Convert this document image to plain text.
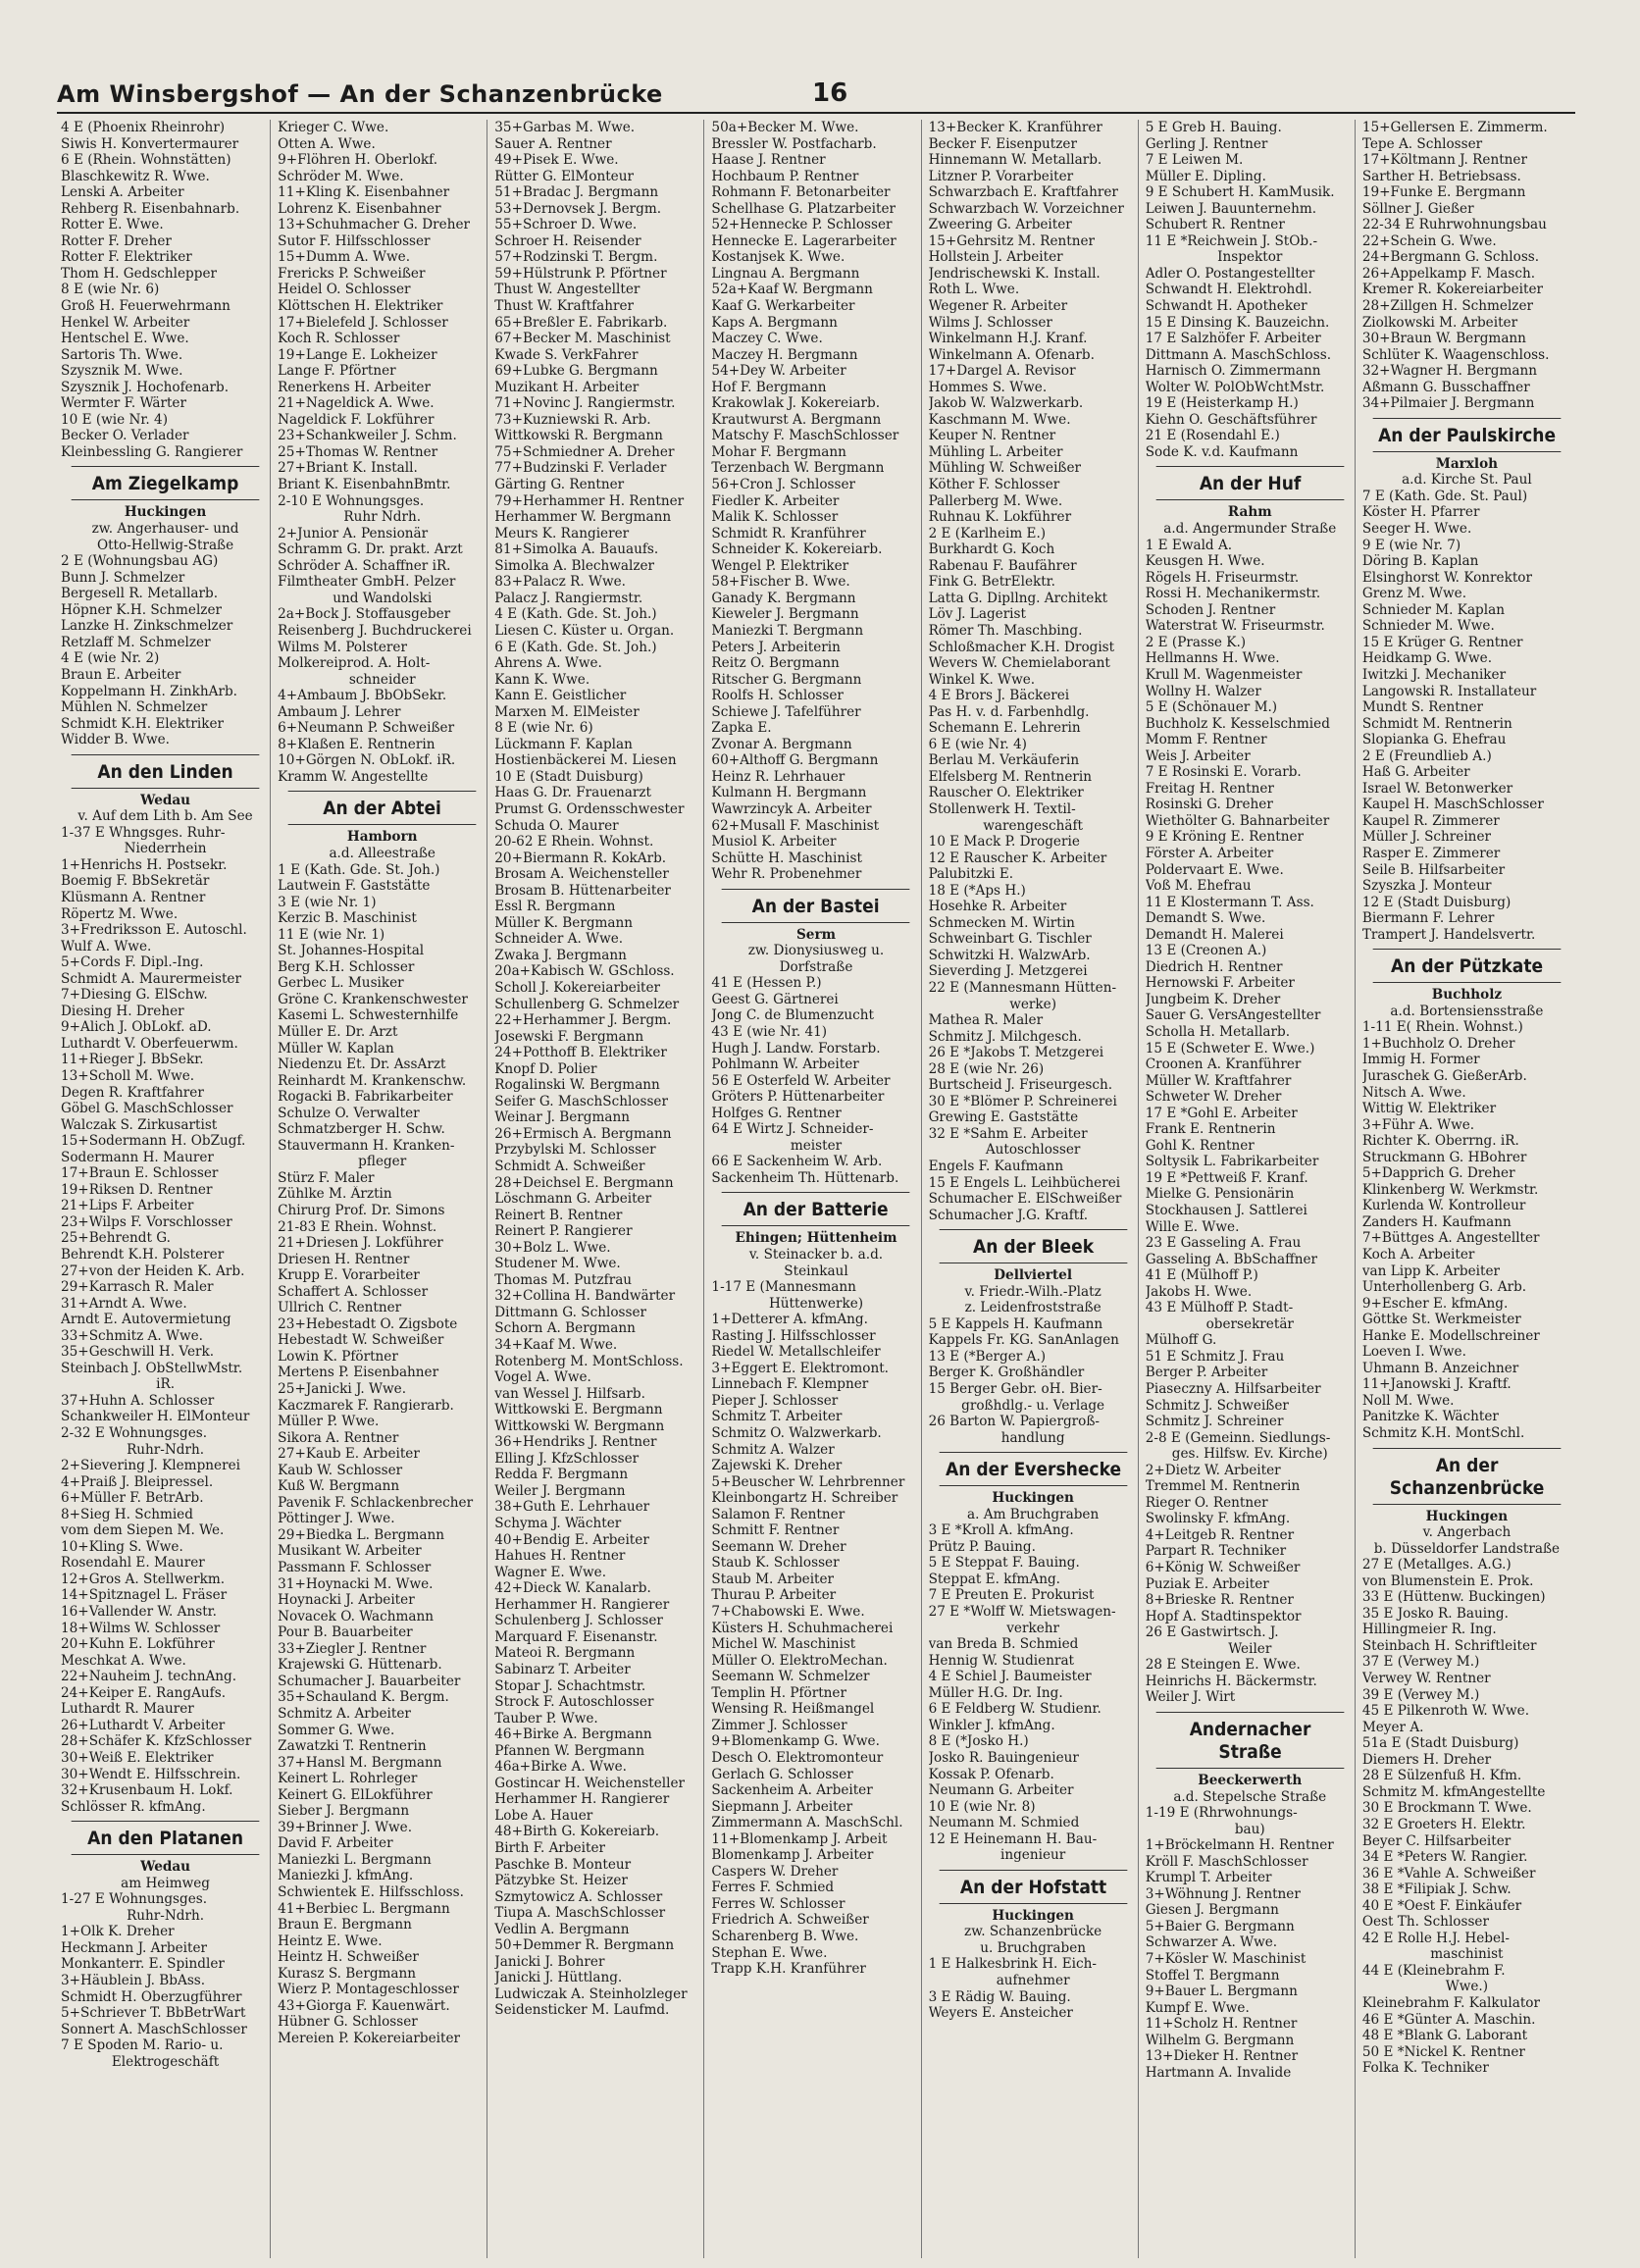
Am Winsbergshof — An der Schanzenbrücke	16
4 E (Phoenix Rheinrohr)
Siwis H. Konvertermaurer
6 E (Rhein. Wohnstätten)
Blaschkewitz R. Wwe.
Lenski A. Arbeiter
Rehberg R. Eisenbahnarb.
Rotter E. Wwe.
Rotter F. Dreher
Rotter F. Elektriker
Thom H. Gedschlepper
8 E (wie Nr. 6)
Groß H. Feuerwehrmann
Henkel W. Arbeiter
Hentschel E. Wwe.
Sartoris Th. Wwe.
Szysznik M. Wwe.
Szysznik J. Hochofenarb.
Wermter F. Wärter
10 E (wie Nr. 4)
Becker O. Verlader
Kleinbessling G. Rangierer
Am Ziegelkamp
Huckingen
zw. Angerhauser- und
Otto-Hellwig-Straße
2 E (Wohnungsbau AG)
Bunn J. Schmelzer
Bergesell R. Metallarb.
Höpner K.H. Schmelzer
Lanzke H. Zinkschmelzer
Retzlaff M. Schmelzer
4 E (wie Nr. 2)
Braun E. Arbeiter
Koppelmann H. ZinkhArb.
Mühlen N. Schmelzer
Schmidt K.H. Elektriker
Widder B. Wwe.
An den Linden
Wedau
v. Auf dem Lith b. Am See
1-37 E Whngsges. Ruhr-
Niederrhein
1+Henrichs H. Postsekr.
Boemig F. BbSekretär
Klüsmann A. Rentner
Röpertz M. Wwe.
3+Fredriksson E. Autoschl.
Wulf A. Wwe.
5+Cords F. Dipl.-Ing.
Schmidt A. Maurermeister
7+Diesing G. ElSchw.
Diesing H. Dreher
9+Alich J. ObLokf. aD.
Luthardt V. Oberfeuerwm.
11+Rieger J. BbSekr.
13+Scholl M. Wwe.
Degen R. Kraftfahrer
Göbel G. MaschSchlosser
Walczak S. Zirkusartist
15+Sodermann H. ObZugf.
Sodermann H. Maurer
17+Braun E. Schlosser
19+Riksen D. Rentner
21+Lips F. Arbeiter
23+Wilps F. Vorschlosser
25+Behrendt G.
Behrendt K.H. Polsterer
27+von der Heiden K. Arb.
29+Karrasch R. Maler
31+Arndt A. Wwe.
Arndt E. Autovermietung
33+Schmitz A. Wwe.
35+Geschwill H. Verk.
Steinbach J. ObStellwMstr.
iR.
37+Huhn A. Schlosser
Schankweiler H. ElMonteur
2-32 E Wohnungsges.
Ruhr-Ndrh.
2+Sievering J. Klempnerei
4+Praiß J. Bleipressel.
6+Müller F. BetrArb.
8+Sieg H. Schmied
vom dem Siepen M. We.
10+Kling S. Wwe.
Rosendahl E. Maurer
12+Gros A. Stellwerkm.
14+Spitznagel L. Fräser
16+Vallender W. Anstr.
18+Wilms W. Schlosser
20+Kuhn E. Lokführer
Meschkat A. Wwe.
22+Nauheim J. technAng.
24+Keiper E. RangAufs.
Luthardt R. Maurer
26+Luthardt V. Arbeiter
28+Schäfer K. KfzSchlosser
30+Weiß E. Elektriker
30+Wendt E. Hilfsschrein.
32+Krusenbaum H. Lokf.
Schlösser R. kfmAng.
An den Platanen
Wedau
am Heimweg
1-27 E Wohnungsges.
Ruhr-Ndrh.
1+Olk K. Dreher
Heckmann J. Arbeiter
Monkanterr. E. Spindler
3+Häublein J. BbAss.
Schmidt H. Oberzugführer
5+Schriever T. BbBetrWart
Sonnert A. MaschSchlosser
7 E Spoden M. Rario- u.
Elektrogeschäft
Krieger C. Wwe.
Otten A. Wwe.
9+Flöhren H. Oberlokf.
Schröder M. Wwe.
11+Kling K. Eisenbahner
Lohrenz K. Eisenbahner
13+Schuhmacher G. Dreher
Sutor F. Hilfsschlosser
15+Dumm A. Wwe.
Frericks P. Schweißer
Heidel O. Schlosser
Klöttschen H. Elektriker
17+Bielefeld J. Schlosser
Koch R. Schlosser
19+Lange E. Lokheizer
Lange F. Pförtner
Renerkens H. Arbeiter
21+Nageldick A. Wwe.
Nageldick F. Lokführer
23+Schankweiler J. Schm.
25+Thomas W. Rentner
27+Briant K. Install.
Briant K. EisenbahnBmtr.
2-10 E Wohnungsges.
Ruhr Ndrh.
2+Junior A. Pensionär
Schramm G. Dr. prakt. Arzt
Schröder A. Schaffner iR.
Filmtheater GmbH. Pelzer
und Wandolski
2a+Bock J. Stoffausgeber
Reisenberg J. Buchdruckerei
Wilms M. Polsterer
Molkereiprod. A. Holt-
schneider
4+Ambaum J. BbObSekr.
Ambaum J. Lehrer
6+Neumann P. Schweißer
8+Klaßen E. Rentnerin
10+Görgen N. ObLokf. iR.
Kramm W. Angestellte
An der Abtei
Hamborn
a.d. Alleestraße
1 E (Kath. Gde. St. Joh.)
Lautwein F. Gaststätte
3 E (wie Nr. 1)
Kerzic B. Maschinist
11 E (wie Nr. 1)
St. Johannes-Hospital
Berg K.H. Schlosser
Gerbec L. Musiker
Gröne C. Krankenschwester
Kasemi L. Schwesternhilfe
Müller E. Dr. Arzt
Müller W. Kaplan
Niedenzu Et. Dr. AssArzt
Reinhardt M. Krankenschw.
Rogacki B. Fabrikarbeiter
Schulze O. Verwalter
Schmatzberger H. Schw.
Stauvermann H. Kranken-
pfleger
Stürz F. Maler
Zühlke M. Ärztin
Chirurg Prof. Dr. Simons
21-83 E Rhein. Wohnst.
21+Driesen J. Lokführer
Driesen H. Rentner
Krupp E. Vorarbeiter
Schaffert A. Schlosser
Ullrich C. Rentner
23+Hebestadt O. Zigsbote
Hebestadt W. Schweißer
Lowin K. Pförtner
Mertens P. Eisenbahner
25+Janicki J. Wwe.
Kaczmarek F. Rangierarb.
Müller P. Wwe.
Sikora A. Rentner
27+Kaub E. Arbeiter
Kaub W. Schlosser
Kuß W. Bergmann
Pavenik F. Schlackenbrecher
Pöttinger J. Wwe.
29+Biedka L. Bergmann
Musikant W. Arbeiter
Passmann F. Schlosser
31+Hoynacki M. Wwe.
Hoynacki J. Arbeiter
Novacek O. Wachmann
Pour B. Bauarbeiter
33+Ziegler J. Rentner
Krajewski G. Hüttenarb.
Schumacher J. Bauarbeiter
35+Schauland K. Bergm.
Schmitz A. Arbeiter
Sommer G. Wwe.
Zawatzki T. Rentnerin
37+Hansl M. Bergmann
Keinert L. Rohrleger
Keinert G. ElLokführer
Sieber J. Bergmann
39+Brinner J. Wwe.
David F. Arbeiter
Maniezki L. Bergmann
Maniezki J. kfmAng.
Schwientek E. Hilfsschloss.
41+Berbiec L. Bergmann
Braun E. Bergmann
Heintz E. Wwe.
Heintz H. Schweißer
Kurasz S. Bergmann
Wierz P. Montageschlosser
43+Giorga F. Kauenwärt.
Hübner G. Schlosser
Mereien P. Kokereiarbeiter
35+Garbas M. Wwe.
Sauer A. Rentner
49+Pisek E. Wwe.
Rütter G. ElMonteur
51+Bradac J. Bergmann
53+Dernovsek J. Bergm.
55+Schroer D. Wwe.
Schroer H. Reisender
57+Rodzinski T. Bergm.
59+Hülstrunk P. Pförtner
Thust W. Angestellter
Thust W. Kraftfahrer
65+Breßler E. Fabrikarb.
67+Becker M. Maschinist
Kwade S. VerkFahrer
69+Lubke G. Bergmann
Muzikant H. Arbeiter
71+Novinc J. Rangiermstr.
73+Kuzniewski R. Arb.
Wittkowski R. Bergmann
75+Schmiedner A. Dreher
77+Budzinski F. Verlader
Gärting G. Rentner
79+Herhammer H. Rentner
Herhammer W. Bergmann
Meurs K. Rangierer
81+Simolka A. Bauaufs.
Simolka A. Blechwalzer
83+Palacz R. Wwe.
Palacz J. Rangiermstr.
4 E (Kath. Gde. St. Joh.)
Liesen C. Küster u. Organ.
6 E (Kath. Gde. St. Joh.)
Ahrens A. Wwe.
Kann K. Wwe.
Kann E. Geistlicher
Marxen M. ElMeister
8 E (wie Nr. 6)
Lückmann F. Kaplan
Hostienbäckerei M. Liesen
10 E (Stadt Duisburg)
Haas G. Dr. Frauenarzt
Prumst G. Ordensschwester
Schuda O. Maurer
20-62 E Rhein. Wohnst.
20+Biermann R. KokArb.
Brosam A. Weichensteller
Brosam B. Hüttenarbeiter
Essl R. Bergmann
Müller K. Bergmann
Schneider A. Wwe.
Zwaka J. Bergmann
20a+Kabisch W. GSchloss.
Scholl J. Kokereiarbeiter
Schullenberg G. Schmelzer
22+Herhammer J. Bergm.
Josewski F. Bergmann
24+Potthoff B. Elektriker
Knopf D. Polier
Rogalinski W. Bergmann
Seifer G. MaschSchlosser
Weinar J. Bergmann
26+Ermisch A. Bergmann
Przybylski M. Schlosser
Schmidt A. Schweißer
28+Deichsel E. Bergmann
Löschmann G. Arbeiter
Reinert B. Rentner
Reinert P. Rangierer
30+Bolz L. Wwe.
Studener M. Wwe.
Thomas M. Putzfrau
32+Collina H. Bandwärter
Dittmann G. Schlosser
Schorn A. Bergmann
34+Kaaf M. Wwe.
Rotenberg M. MontSchloss.
Vogel A. Wwe.
van Wessel J. Hilfsarb.
Wittkowski E. Bergmann
Wittkowski W. Bergmann
36+Hendriks J. Rentner
Elling J. KfzSchlosser
Redda F. Bergmann
Weiler J. Bergmann
38+Guth E. Lehrhauer
Schyma J. Wächter
40+Bendig E. Arbeiter
Hahues H. Rentner
Wagner E. Wwe.
42+Dieck W. Kanalarb.
Herhammer H. Rangierer
Schulenberg J. Schlosser
Marquard F. Eisenanstr.
Mateoi R. Bergmann
Sabinarz T. Arbeiter
Stopar J. Schachtmstr.
Strock F. Autoschlosser
Tauber P. Wwe.
46+Birke A. Bergmann
Pfannen W. Bergmann
46a+Birke A. Wwe.
Gostincar H. Weichensteller
Herhammer H. Rangierer
Lobe A. Hauer
48+Birth G. Kokereiarb.
Birth F. Arbeiter
Paschke B. Monteur
Pätzybke St. Heizer
Szmytowicz A. Schlosser
Tiupa A. MaschSchlosser
Vedlin A. Bergmann
50+Demmer R. Bergmann
Janicki J. Bohrer
Janicki J. Hüttlang.
Ludwiczak A. Steinholzleger
Seidensticker M. Laufmd.
50a+Becker M. Wwe.
Bressler W. Postfacharb.
Haase J. Rentner
Hochbaum P. Rentner
Rohmann F. Betonarbeiter
Schellhase G. Platzarbeiter
52+Hennecke P. Schlosser
Hennecke E. Lagerarbeiter
Kostanjsek K. Wwe.
Lingnau A. Bergmann
52a+Kaaf W. Bergmann
Kaaf G. Werkarbeiter
Kaps A. Bergmann
Maczey C. Wwe.
Maczey H. Bergmann
54+Dey W. Arbeiter
Hof F. Bergmann
Krakowlak J. Kokereiarb.
Krautwurst A. Bergmann
Matschy F. MaschSchlosser
Mohar F. Bergmann
Terzenbach W. Bergmann
56+Cron J. Schlosser
Fiedler K. Arbeiter
Malik K. Schlosser
Schmidt R. Kranführer
Schneider K. Kokereiarb.
Wengel P. Elektriker
58+Fischer B. Wwe.
Ganady K. Bergmann
Kieweler J. Bergmann
Maniezki T. Bergmann
Peters J. Arbeiterin
Reitz O. Bergmann
Ritscher G. Bergmann
Roolfs H. Schlosser
Schiewe J. Tafelführer
Zapka E.
Zvonar A. Bergmann
60+Althoff G. Bergmann
Heinz R. Lehrhauer
Kulmann H. Bergmann
Wawrzincyk A. Arbeiter
62+Musall F. Maschinist
Musiol K. Arbeiter
Schütte H. Maschinist
Wehr R. Probenehmer
An der Bastei
Serm
zw. Dionysiusweg u.
Dorfstraße
41 E (Hessen P.)
Geest G. Gärtnerei
Jong C. de Blumenzucht
43 E (wie Nr. 41)
Hugh J. Landw. Forstarb.
Pohlmann W. Arbeiter
56 E Osterfeld W. Arbeiter
Gröters P. Hüttenarbeiter
Holfges G. Rentner
64 E Wirtz J. Schneider-
meister
66 E Sackenheim W. Arb.
Sackenheim Th. Hüttenarb.
An der Batterie
Ehingen; Hüttenheim
v. Steinacker b. a.d.
Steinkaul
1-17 E (Mannesmann
Hüttenwerke)
1+Detterer A. kfmAng.
Rasting J. Hilfsschlosser
Riedel W. Metallschleifer
3+Eggert E. Elektromont.
Linnebach F. Klempner
Pieper J. Schlosser
Schmitz T. Arbeiter
Schmitz O. Walzwerkarb.
Schmitz A. Walzer
Zajewski K. Dreher
5+Beuscher W. Lehrbrenner
Kleinbongartz H. Schreiber
Salamon F. Rentner
Schmitt F. Rentner
Seemann W. Dreher
Staub K. Schlosser
Staub M. Arbeiter
Thurau P. Arbeiter
7+Chabowski E. Wwe.
Küsters H. Schuhmacherei
Michel W. Maschinist
Müller O. ElektroMechan.
Seemann W. Schmelzer
Templin H. Pförtner
Wensing R. Heißmangel
Zimmer J. Schlosser
9+Blomenkamp G. Wwe.
Desch O. Elektromonteur
Gerlach G. Schlosser
Sackenheim A. Arbeiter
Siepmann J. Arbeiter
Zimmermann A. MaschSchl.
11+Blomenkamp J. Arbeit
Blomenkamp J. Arbeiter
Caspers W. Dreher
Ferres F. Schmied
Ferres W. Schlosser
Friedrich A. Schweißer
Scharenberg B. Wwe.
Stephan E. Wwe.
Trapp K.H. Kranführer
13+Becker K. Kranführer
Becker F. Eisenputzer
Hinnemann W. Metallarb.
Litzner P. Vorarbeiter
Schwarzbach E. Kraftfahrer
Schwarzbach W. Vorzeichner
Zweering G. Arbeiter
15+Gehrsitz M. Rentner
Hollstein J. Arbeiter
Jendrischewski K. Install.
Roth L. Wwe.
Wegener R. Arbeiter
Wilms J. Schlosser
Winkelmann H.J. Kranf.
Winkelmann A. Ofenarb.
17+Dargel A. Revisor
Hommes S. Wwe.
Jakob W. Walzwerkarb.
Kaschmann M. Wwe.
Keuper N. Rentner
Mühling L. Arbeiter
Mühling W. Schweißer
Köther F. Schlosser
Pallerberg M. Wwe.
Ruhnau K. Lokführer
2 E (Karlheim E.)
Burkhardt G. Koch
Rabenau F. Baufährer
Fink G. BetrElektr.
Latta G. Dipllng. Architekt
Löv J. Lagerist
Römer Th. Maschbing.
Schloßmacher K.H. Drogist
Wevers W. Chemielaborant
Winkel K. Wwe.
4 E Brors J. Bäckerei
Pas H. v. d. Farbenhdlg.
Schemann E. Lehrerin
6 E (wie Nr. 4)
Berlau M. Verkäuferin
Elfelsberg M. Rentnerin
Rauscher O. Elektriker
Stollenwerk H. Textil-
warengeschäft
10 E Mack P. Drogerie
12 E Rauscher K. Arbeiter
Palubitzki E.
18 E (*Aps H.)
Hosehke R. Arbeiter
Schmecken M. Wirtin
Schweinbart G. Tischler
Schwitzki H. WalzwArb.
Sieverding J. Metzgerei
22 E (Mannesmann Hütten-
werke)
Mathea R. Maler
Schmitz J. Milchgesch.
26 E *Jakobs T. Metzgerei
28 E (wie Nr. 26)
Burtscheid J. Friseurgesch.
30 E *Blömer P. Schreinerei
Grewing E. Gaststätte
32 E *Sahm E. Arbeiter
Autoschlosser
Engels F. Kaufmann
15 E Engels L. Leihbücherei
Schumacher E. ElSchweißer
Schumacher J.G. Kraftf.
An der Bleek
Dellviertel
v. Friedr.-Wilh.-Platz
z. Leidenfroststraße
5 E Kappels H. Kaufmann
Kappels Fr. KG. SanAnlagen
13 E (*Berger A.)
Berger K. Großhändler
15 Berger Gebr. oH. Bier-
großhdlg.- u. Verlage
26 Barton W. Papiergroß-
handlung
An der Evershecke
Huckingen
a. Am Bruchgraben
3 E *Kroll A. kfmAng.
Prütz P. Bauing.
5 E Steppat F. Bauing.
Steppat E. kfmAng.
7 E Preuten E. Prokurist
27 E *Wolff W. Mietswagen-
verkehr
van Breda B. Schmied
Hennig W. Studienrat
4 E Schiel J. Baumeister
Müller H.G. Dr. Ing.
6 E Feldberg W. Studienr.
Winkler J. kfmAng.
8 E (*Josko H.)
Josko R. Bauingenieur
Kossak P. Ofenarb.
Neumann G. Arbeiter
10 E (wie Nr. 8)
Neumann M. Schmied
12 E Heinemann H. Bau-
ingenieur
An der Hofstatt
Huckingen
zw. Schanzenbrücke
u. Bruchgraben
1 E Halkesbrink H. Eich-
aufnehmer
3 E Rädig W. Bauing.
Weyers E. Ansteicher
5 E Greb H. Bauing.
Gerling J. Rentner
7 E Leiwen M.
Müller E. Dipling.
9 E Schubert H. KamMusik.
Leiwen J. Bauunternehm.
Schubert R. Rentner
11 E *Reichwein J. StOb.-
Inspektor
Adler O. Postangestellter
Schwandt H. Elektrohdl.
Schwandt H. Apotheker
15 E Dinsing K. Bauzeichn.
17 E Salzhöfer F. Arbeiter
Dittmann A. MaschSchloss.
Harnisch O. Zimmermann
Wolter W. PolObWchtMstr.
19 E (Heisterkamp H.)
Kiehn O. Geschäftsführer
21 E (Rosendahl E.)
Sode K. v.d. Kaufmann
An der Huf
Rahm
a.d. Angermunder Straße
1 E Ewald A.
Keusgen H. Wwe.
Rögels H. Friseurmstr.
Rossi H. Mechanikermstr.
Schoden J. Rentner
Waterstrat W. Friseurmstr.
2 E (Prasse K.)
Hellmanns H. Wwe.
Krull M. Wagenmeister
Wollny H. Walzer
5 E (Schönauer M.)
Buchholz K. Kesselschmied
Momm F. Rentner
Weis J. Arbeiter
7 E Rosinski E. Vorarb.
Freitag H. Rentner
Rosinski G. Dreher
Wiethölter G. Bahnarbeiter
9 E Kröning E. Rentner
Förster A. Arbeiter
Poldervaart E. Wwe.
Voß M. Ehefrau
11 E Klostermann T. Ass.
Demandt S. Wwe.
Demandt H. Malerei
13 E (Creonen A.)
Diedrich H. Rentner
Hernowski F. Arbeiter
Jungbeim K. Dreher
Sauer G. VersAngestellter
Scholla H. Metallarb.
15 E (Schweter E. Wwe.)
Croonen A. Kranführer
Müller W. Kraftfahrer
Schweter W. Dreher
17 E *Gohl E. Arbeiter
Frank E. Rentnerin
Gohl K. Rentner
Soltysik L. Fabrikarbeiter
19 E *Pettweiß F. Kranf.
Mielke G. Pensionärin
Stockhausen J. Sattlerei
Wille E. Wwe.
23 E Gasseling A. Frau
Gasseling A. BbSchaffner
41 E (Mülhoff P.)
Jakobs H. Wwe.
43 E Mülhoff P. Stadt-
obersekretär
Mülhoff G.
51 E Schmitz J. Frau
Berger P. Arbeiter
Piaseczny A. Hilfsarbeiter
Schmitz J. Schweißer
Schmitz J. Schreiner
2-8 E (Gemeinn. Siedlungs-
ges. Hilfsw. Ev. Kirche)
2+Dietz W. Arbeiter
Tremmel M. Rentnerin
Rieger O. Rentner
Swolinsky F. kfmAng.
4+Leitgeb R. Rentner
Parpart R. Techniker
6+König W. Schweißer
Puziak E. Arbeiter
8+Brieske R. Rentner
Hopf A. Stadtinspektor
26 E Gastwirtsch. J.
Weiler
28 E Steingen E. Wwe.
Heinrichs H. Bäckermstr.
Weiler J. Wirt
Andernacher Straße
Beeckerwerth
a.d. Stepelsche Straße
1-19 E (Rhrwohnungs-
bau)
1+Bröckelmann H. Rentner
Kröll F. MaschSchlosser
Krumpl T. Arbeiter
3+Wöhnung J. Rentner
Giesen J. Bergmann
5+Baier G. Bergmann
Schwarzer A. Wwe.
7+Kösler W. Maschinist
Stoffel T. Bergmann
9+Bauer L. Bergmann
Kumpf E. Wwe.
11+Scholz H. Rentner
Wilhelm G. Bergmann
13+Dieker H. Rentner
Hartmann A. Invalide
15+Gellersen E. Zimmerm.
Tepe A. Schlosser
17+Költmann J. Rentner
Sarther H. Betriebsass.
19+Funke E. Bergmann
Söllner J. Gießer
22-34 E Ruhrwohnungsbau
22+Schein G. Wwe.
24+Bergmann G. Schloss.
26+Appelkamp F. Masch.
Kremer R. Kokereiarbeiter
28+Zillgen H. Schmelzer
Ziolkowski M. Arbeiter
30+Braun W. Bergmann
Schlüter K. Waagenschloss.
32+Wagner H. Bergmann
Aßmann G. Busschaffner
34+Pilmaier J. Bergmann
An der Paulskirche
Marxloh
a.d. Kirche St. Paul
7 E (Kath. Gde. St. Paul)
Köster H. Pfarrer
Seeger H. Wwe.
9 E (wie Nr. 7)
Döring B. Kaplan
Elsinghorst W. Konrektor
Grenz M. Wwe.
Schnieder M. Kaplan
Schnieder M. Wwe.
15 E Krüger G. Rentner
Heidkamp G. Wwe.
Iwitzki J. Mechaniker
Langowski R. Installateur
Mundt S. Rentner
Schmidt M. Rentnerin
Slopianka G. Ehefrau
2 E (Freundlieb A.)
Haß G. Arbeiter
Israel W. Betonwerker
Kaupel H. MaschSchlosser
Kaupel R. Zimmerer
Müller J. Schreiner
Rasper E. Zimmerer
Seile B. Hilfsarbeiter
Szyszka J. Monteur
12 E (Stadt Duisburg)
Biermann F. Lehrer
Trampert J. Handelsvertr.
An der Pützkate
Buchholz
a.d. Bortensiensstraße
1-11 E( Rhein. Wohnst.)
1+Buchholz O. Dreher
Immig H. Former
Juraschek G. GießerArb.
Nitsch A. Wwe.
Wittig W. Elektriker
3+Führ A. Wwe.
Richter K. Oberrng. iR.
Struckmann G. HBohrer
5+Dapprich G. Dreher
Klinkenberg W. Werkmstr.
Kurlenda W. Kontrolleur
Zanders H. Kaufmann
7+Büttges A. Angestellter
Koch A. Arbeiter
van Lipp K. Arbeiter
Unterhollenberg G. Arb.
9+Escher E. kfmAng.
Göttke St. Werkmeister
Hanke E. Modellschreiner
Loeven I. Wwe.
Uhmann B. Anzeichner
11+Janowski J. Kraftf.
Noll M. Wwe.
Panitzke K. Wächter
Schmitz K.H. MontSchl.
An der Schanzenbrücke
Huckingen
v. Angerbach
b. Düsseldorfer Landstraße
27 E (Metallges. A.G.)
von Blumenstein E. Prok.
33 E (Hüttenw. Buckingen)
35 E Josko R. Bauing.
Hillingmeier R. Ing.
Steinbach H. Schriftleiter
37 E (Verwey M.)
Verwey W. Rentner
39 E (Verwey M.)
45 E Pilkenroth W. Wwe.
Meyer A.
51a E (Stadt Duisburg)
Diemers H. Dreher
28 E Sülzenfuß H. Kfm.
Schmitz M. kfmAngestellte
30 E Brockmann T. Wwe.
32 E Groeters H. Elektr.
Beyer C. Hilfsarbeiter
34 E *Peters W. Rangier.
36 E *Vahle A. Schweißer
38 E *Filipiak J. Schw.
40 E *Oest F. Einkäufer
Oest Th. Schlosser
42 E Rolle H.J. Hebel-
maschinist
44 E (Kleinebrahm F.
Wwe.)
Kleinebrahm F. Kalkulator
46 E *Günter A. Maschin.
48 E *Blank G. Laborant
50 E *Nickel K. Rentner
Folka K. Techniker
